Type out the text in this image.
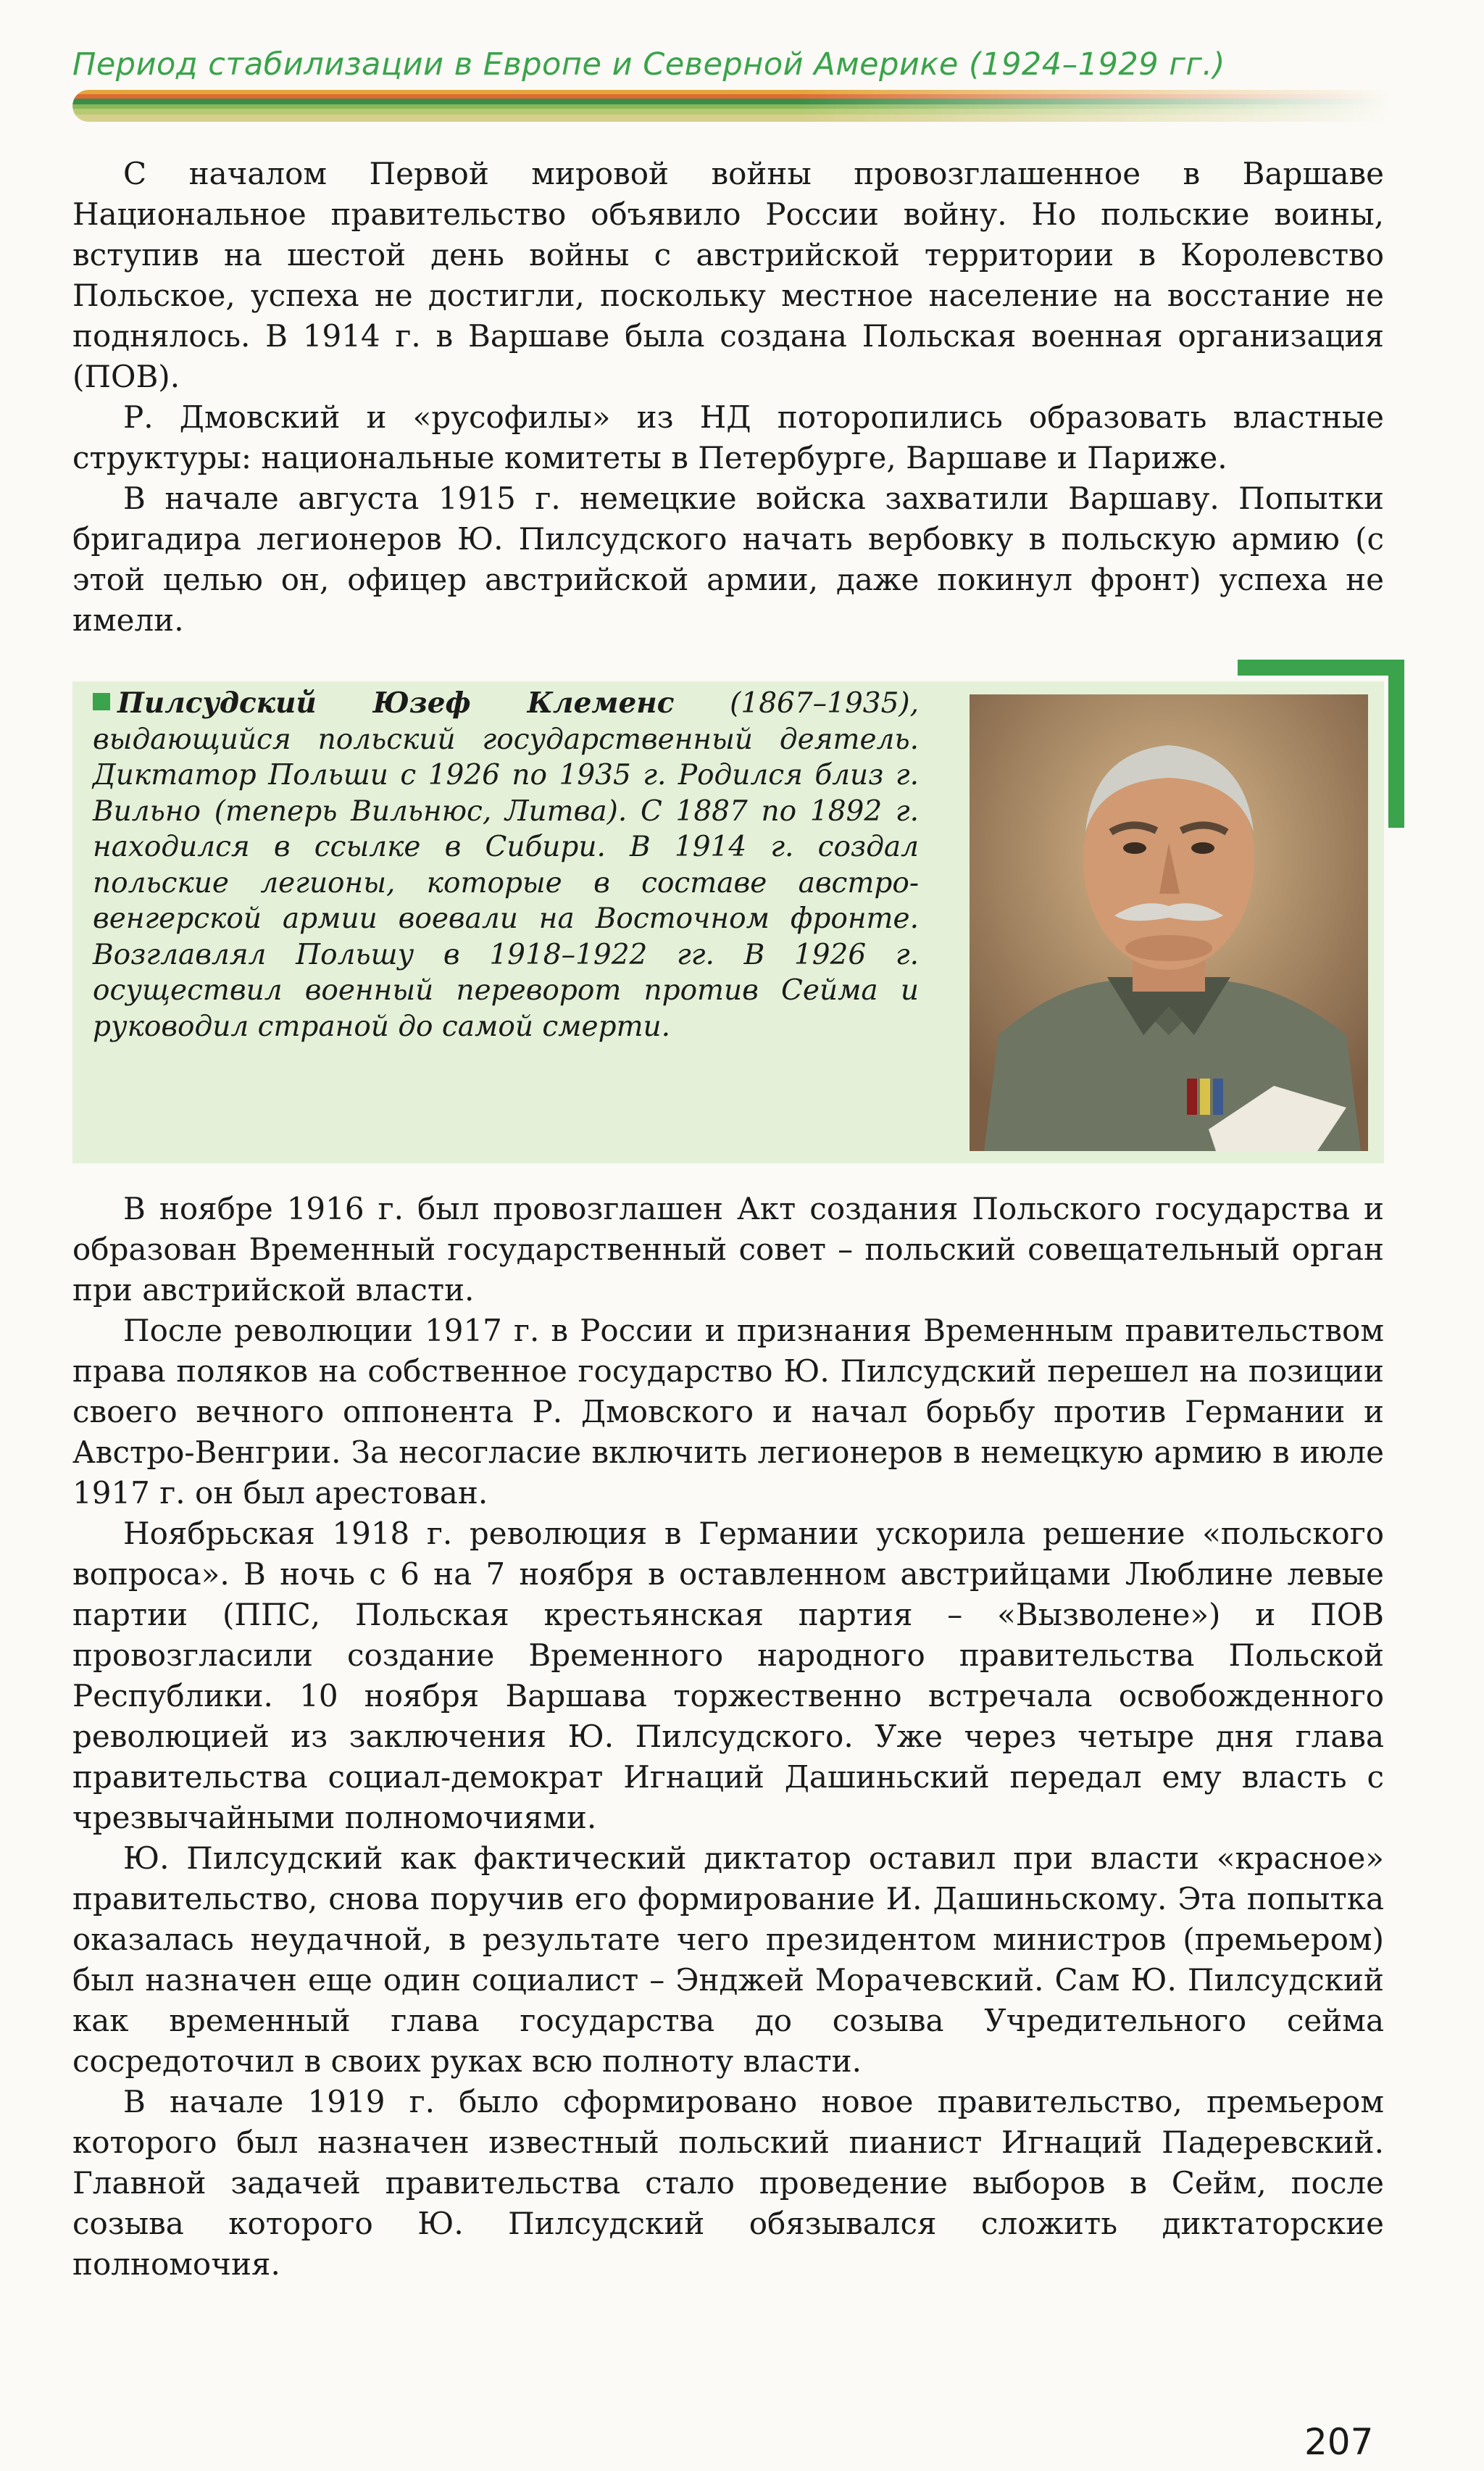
Период стабилизации в Европе и Северной Америке (1924–1929 гг.)

С началом Первой мировой войны провозглашенное в Варшаве Национальное правительство объявило России войну. Но польские воины, вступив на шестой день войны с австрийской территории в Королевство Польское, успеха не достигли, поскольку местное население на восстание не поднялось. В 1914 г. в Варшаве была создана Польская военная организация (ПОВ).

Р. Дмовский и «русофилы» из НД поторопились образовать властные структуры: национальные комитеты в Петербурге, Варшаве и Париже.

В начале августа 1915 г. немецкие войска захватили Варшаву. Попытки бригадира легионеров Ю. Пилсудского начать вербовку в польскую армию (с этой целью он, офицер австрийской армии, даже покинул фронт) успеха не имели.

Пилсудский Юзеф Клеменс (1867–1935), выдающийся польский государственный деятель. Диктатор Польши с 1926 по 1935 г. Родился близ г. Вильно (теперь Вильнюс, Литва). С 1887 по 1892 г. находился в ссылке в Сибири. В 1914 г. создал польские легионы, которые в составе австро-венгерской армии воевали на Восточном фронте. Возглавлял Польшу в 1918–1922 гг. В 1926 г. осуществил военный переворот против Сейма и руководил страной до самой смерти.

В ноябре 1916 г. был провозглашен Акт создания Польского государства и образован Временный государственный совет – польский совещательный орган при австрийской власти.

После революции 1917 г. в России и признания Временным правительством права поляков на собственное государство Ю. Пилсудский перешел на позиции своего вечного оппонента Р. Дмовского и начал борьбу против Германии и Австро-Венгрии. За несогласие включить легионеров в немецкую армию в июле 1917 г. он был арестован.

Ноябрьская 1918 г. революция в Германии ускорила решение «польского вопроса». В ночь с 6 на 7 ноября в оставленном австрийцами Люблине левые партии (ППС, Польская крестьянская партия – «Вызволене») и ПОВ провозгласили создание Временного народного правительства Польской Республики. 10 ноября Варшава торжественно встречала освобожденного революцией из заключения Ю. Пилсудского. Уже через четыре дня глава правительства социал-демократ Игнаций Дашиньский передал ему власть с чрезвычайными полномочиями.

Ю. Пилсудский как фактический диктатор оставил при власти «красное» правительство, снова поручив его формирование И. Дашиньскому. Эта попытка оказалась неудачной, в результате чего президентом министров (премьером) был назначен еще один социалист – Энджей Морачевский. Сам Ю. Пилсудский как временный глава государства до созыва Учредительного сейма сосредоточил в своих руках всю полноту власти.

В начале 1919 г. было сформировано новое правительство, премьером которого был назначен известный польский пианист Игнаций Падеревский. Главной задачей правительства стало проведение выборов в Сейм, после созыва которого Ю. Пилсудский обязывался сложить диктаторские полномочия.

207
